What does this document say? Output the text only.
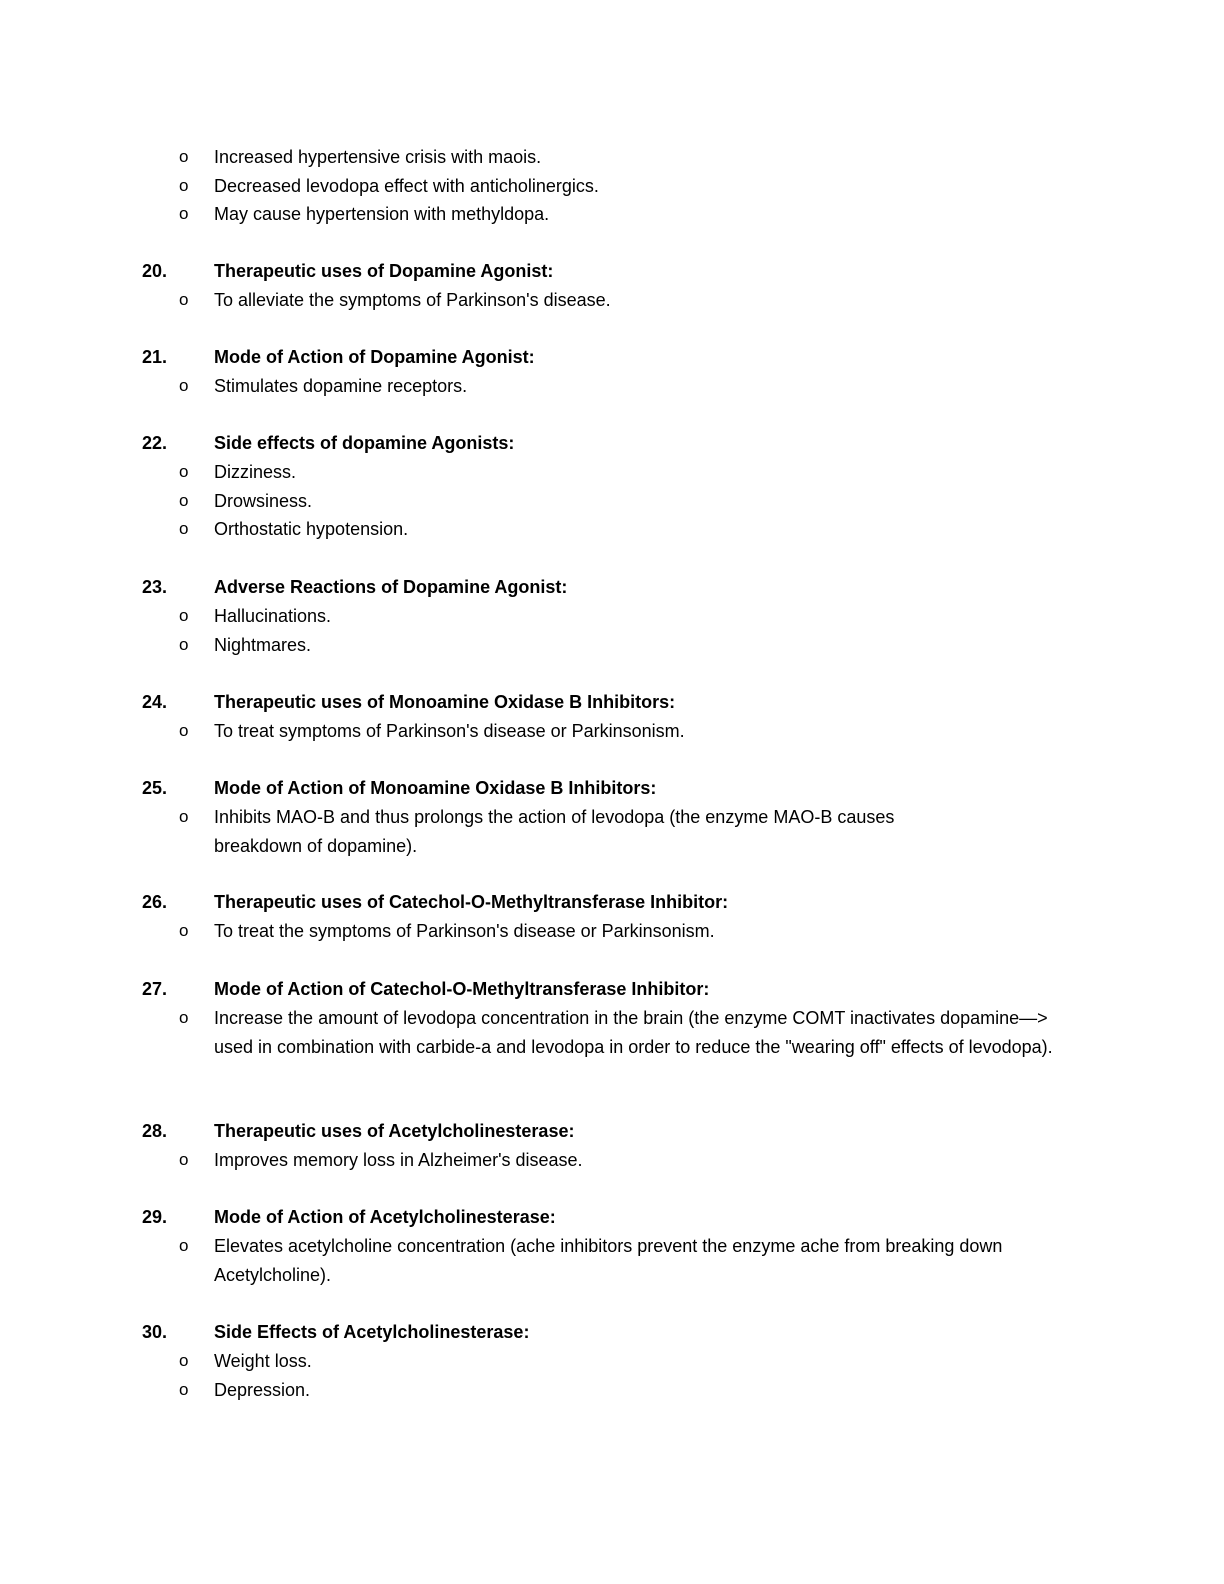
o Increased hypertensive crisis with maois.
o Decreased levodopa effect with anticholinergics.
o May cause hypertension with methyldopa.
20.	Therapeutic uses of Dopamine Agonist:
o To alleviate the symptoms of Parkinson's disease.
21.	Mode of Action of Dopamine Agonist:
o Stimulates dopamine receptors.
22.	Side effects of dopamine Agonists:
o Dizziness.
o Drowsiness.
o Orthostatic hypotension.
23.	Adverse Reactions of Dopamine Agonist:
o Hallucinations.
o Nightmares.
24.	Therapeutic uses of Monoamine Oxidase B Inhibitors:
o To treat symptoms of Parkinson's disease or Parkinsonism.
25.	Mode of Action of Monoamine Oxidase B Inhibitors:
o Inhibits MAO-B and thus prolongs the action of levodopa (the enzyme MAO-B causes breakdown of dopamine).
26.	Therapeutic uses of Catechol-O-Methyltransferase Inhibitor:
o To treat the symptoms of Parkinson's disease or Parkinsonism.
27.	Mode of Action of Catechol-O-Methyltransferase Inhibitor:
o Increase the amount of levodopa concentration in the brain (the enzyme COMT inactivates dopamine—> used in combination with carbide-a and levodopa in order to reduce the "wearing off" effects of levodopa).
28.	Therapeutic uses of Acetylcholinesterase:
o Improves memory loss in Alzheimer's disease.
29.	Mode of Action of Acetylcholinesterase:
o Elevates acetylcholine concentration (ache inhibitors prevent the enzyme ache from breaking down Acetylcholine).
30.	Side Effects of Acetylcholinesterase:
o Weight loss.
o Depression.
